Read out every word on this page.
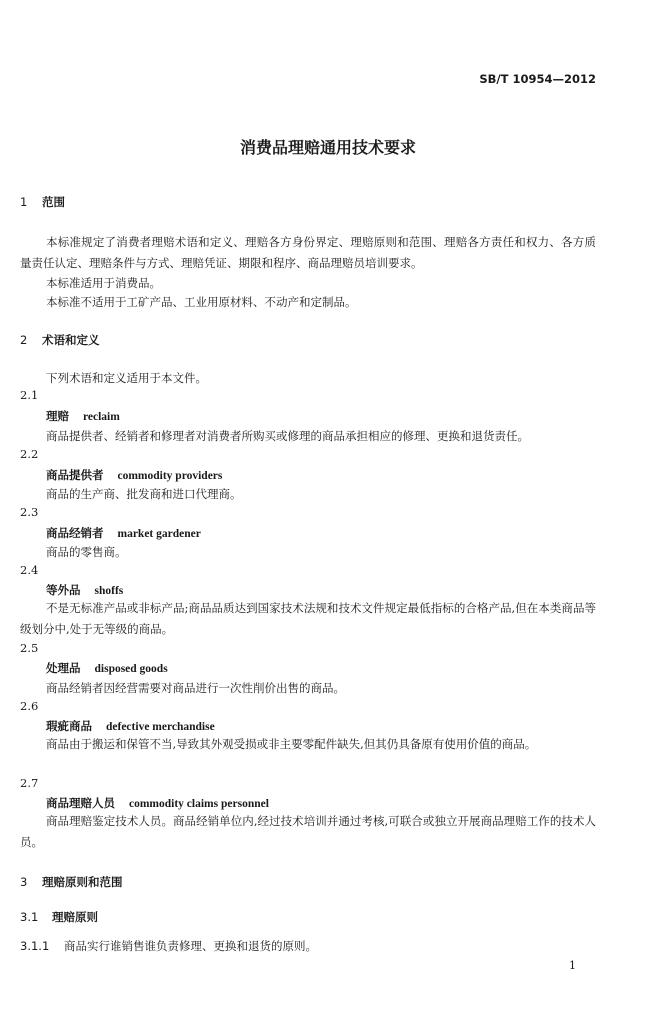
SB/T 10954—2012
消费品理赔通用技术要求
1 范围
本标准规定了消费者理赔术语和定义、理赔各方身份界定、理赔原则和范围、理赔各方责任和权力、各方质量责任认定、理赔条件与方式、理赔凭证、期限和程序、商品理赔员培训要求。
本标准适用于消费品。
本标准不适用于工矿产品、工业用原材料、不动产和定制品。
2 术语和定义
下列术语和定义适用于本文件。
2.1
理赔 reclaim
商品提供者、经销者和修理者对消费者所购买或修理的商品承担相应的修理、更换和退货责任。
2.2
商品提供者 commodity providers
商品的生产商、批发商和进口代理商。
2.3
商品经销者 market gardener
商品的零售商。
2.4
等外品 shoffs
不是无标准产品或非标产品;商品品质达到国家技术法规和技术文件规定最低指标的合格产品,但在本类商品等级划分中,处于无等级的商品。
2.5
处理品 disposed goods
商品经销者因经营需要对商品进行一次性削价出售的商品。
2.6
瑕疵商品 defective merchandise
商品由于搬运和保管不当,导致其外观受损或非主要零配件缺失,但其仍具备原有使用价值的商品。
2.7
商品理赔人员 commodity claims personnel
商品理赔鉴定技术人员。商品经销单位内,经过技术培训并通过考核,可联合或独立开展商品理赔工作的技术人员。
3 理赔原则和范围
3.1 理赔原则
3.1.1 商品实行谁销售谁负责修理、更换和退货的原则。
1
